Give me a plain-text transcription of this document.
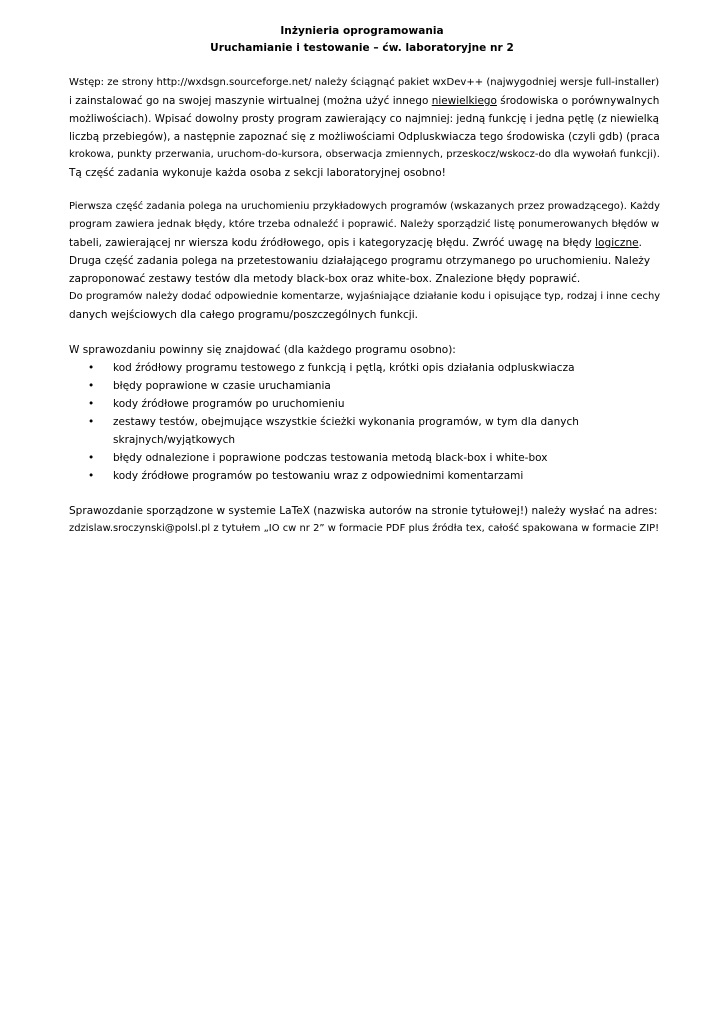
Inżynieria oprogramowania
Uruchamianie i testowanie – ćw. laboratoryjne nr 2
Wstęp: ze strony http://wxdsgn.sourceforge.net/ należy ściągnąć pakiet wxDev++ (najwygodniej wersje full-installer)
i zainstalować go na swojej maszynie wirtualnej (można użyć innego niewielkiego środowiska o porównywalnych
możliwościach). Wpisać dowolny prosty program zawierający co najmniej: jedną funkcję i jedna pętlę (z niewielką
liczbą przebiegów), a następnie zapoznać się z możliwościami Odpluskwiacza tego środowiska (czyli gdb) (praca
krokowa, punkty przerwania, uruchom-do-kursora, obserwacja zmiennych, przeskocz/wskocz-do dla wywołań funkcji).
Tą część zadania wykonuje każda osoba z sekcji laboratoryjnej osobno!
Pierwsza część zadania polega na uruchomieniu przykładowych programów (wskazanych przez prowadzącego). Każdy
program zawiera jednak błędy, które trzeba odnaleźć i poprawić. Należy sporządzić listę ponumerowanych błędów w
tabeli, zawierającej nr wiersza kodu źródłowego, opis i kategoryzację błędu. Zwróć uwagę na błędy logiczne.
Druga część zadania polega na przetestowaniu działającego programu otrzymanego po uruchomieniu. Należy
zaproponować zestawy testów dla metody black-box oraz white-box. Znalezione błędy poprawić.
Do programów należy dodać odpowiednie komentarze, wyjaśniające działanie kodu i opisujące typ, rodzaj i inne cechy
danych wejściowych dla całego programu/poszczególnych funkcji.
W sprawozdaniu powinny się znajdować (dla każdego programu osobno):
• kod źródłowy programu testowego z funkcją i pętlą, krótki opis działania odpluskwiacza
• błędy poprawione w czasie uruchamiania
• kody źródłowe programów po uruchomieniu
• zestawy testów, obejmujące wszystkie ścieżki wykonania programów, w tym dla danych
skrajnych/wyjątkowych
• błędy odnalezione i poprawione podczas testowania metodą black-box i white-box
• kody źródłowe programów po testowaniu wraz z odpowiednimi komentarzami
Sprawozdanie sporządzone w systemie LaTeX (nazwiska autorów na stronie tytułowej!) należy wysłać na adres:
zdzislaw.sroczynski@polsl.pl z tytułem „IO cw nr 2” w formacie PDF plus źródła tex, całość spakowana w formacie ZIP!
